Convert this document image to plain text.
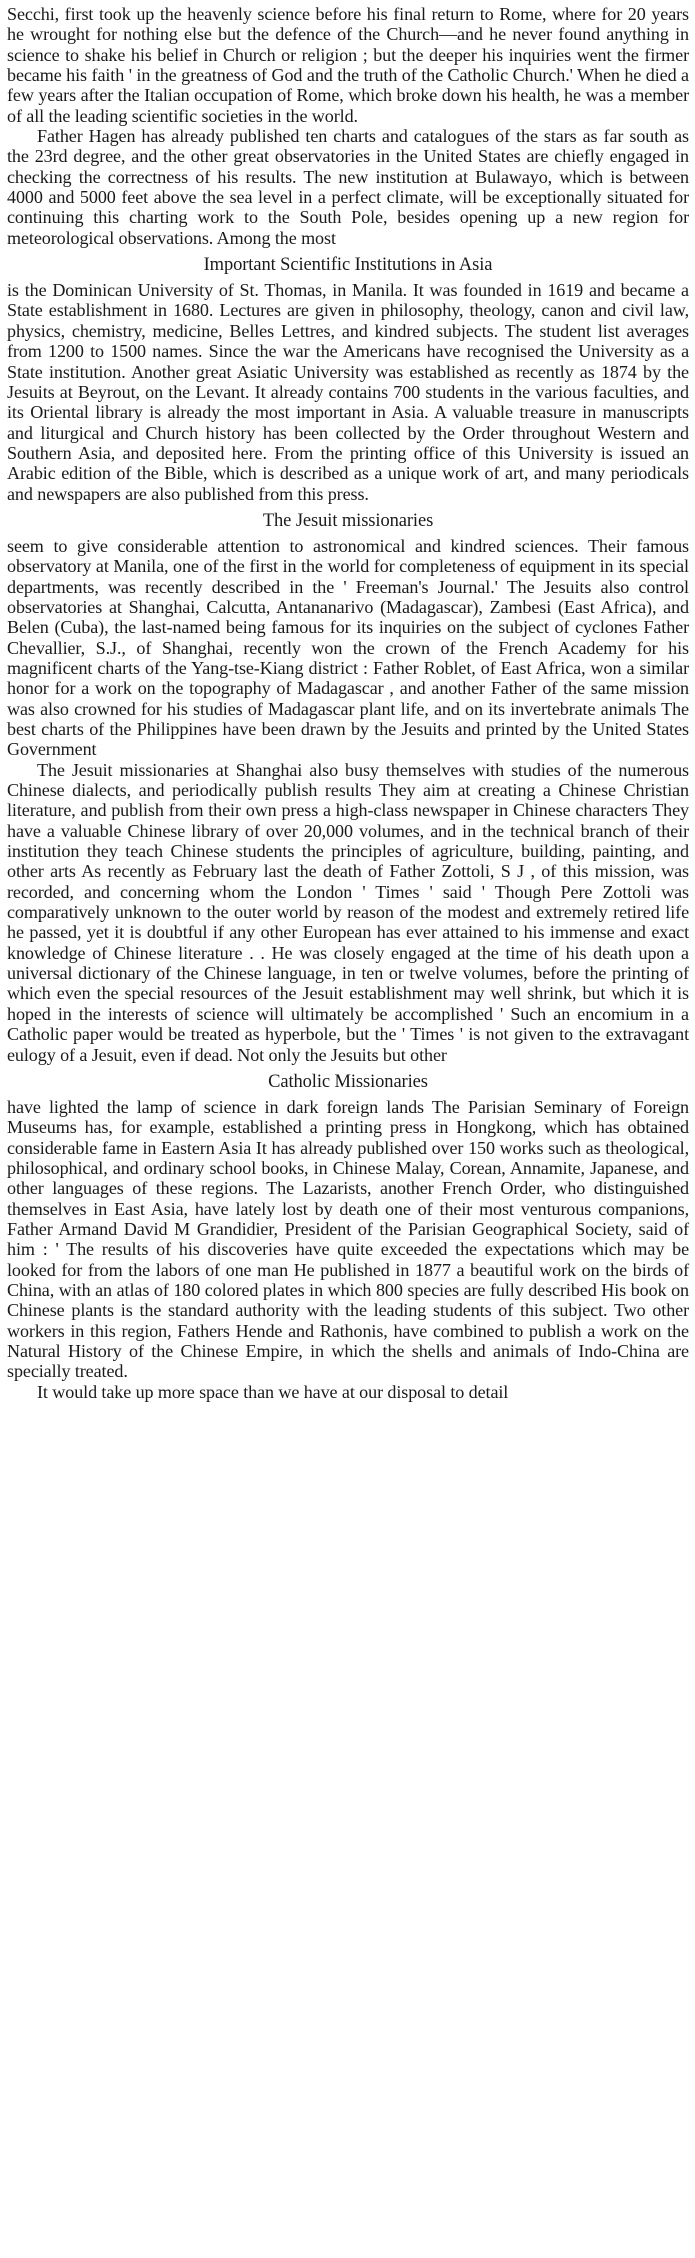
Secchi, first took up the heavenly science before his final return to Rome, where for 20 years he wrought for nothing else but the defence of the Church—and he never found anything in science to shake his belief in Church or religion ; but the deeper his inquiries went the firmer became his faith ' in the greatness of God and the truth of the Catholic Church.' When he died a few years after the Italian occupation of Rome, which broke down his health, he was a member of all the leading scientific societies in the world.

Father Hagen has already published ten charts and catalogues of the stars as far south as the 23rd degree, and the other great observatories in the United States are chiefly engaged in checking the correctness of his results. The new institution at Bulawayo, which is between 4000 and 5000 feet above the sea level in a perfect climate, will be exceptionally situated for continuing this charting work to the South Pole, besides opening up a new region for meteorological observations. Among the most

Important Scientific Institutions in Asia

is the Dominican University of St. Thomas, in Manila. It was founded in 1619 and became a State establishment in 1680. Lectures are given in philosophy, theology, canon and civil law, physics, chemistry, medicine, Belles Lettres, and kindred subjects. The student list averages from 1200 to 1500 names. Since the war the Americans have recognised the University as a State institution. Another great Asiatic University was established as recently as 1874 by the Jesuits at Beyrout, on the Levant. It already contains 700 students in the various faculties, and its Oriental library is already the most important in Asia. A valuable treasure in manuscripts and liturgical and Church history has been collected by the Order throughout Western and Southern Asia, and deposited here. From the printing office of this University is issued an Arabic edition of the Bible, which is described as a unique work of art, and many periodicals and newspapers are also published from this press.

The Jesuit missionaries

seem to give considerable attention to astronomical and kindred sciences. Their famous observatory at Manila, one of the first in the world for completeness of equipment in its special departments, was recently described in the ' Freeman's Journal.' The Jesuits also control observatories at Shanghai, Calcutta, Antananarivo (Madagascar), Zambesi (East Africa), and Belen (Cuba), the last-named being famous for its inquiries on the subject of cyclones Father Chevallier, S.J., of Shanghai, recently won the crown of the French Academy for his magnificent charts of the Yang-tse-Kiang district : Father Roblet, of East Africa, won a similar honor for a work on the topography of Madagascar , and another Father of the same mission was also crowned for his studies of Madagascar plant life, and on its invertebrate animals The best charts of the Philippines have been drawn by the Jesuits and printed by the United States Government

The Jesuit missionaries at Shanghai also busy themselves with studies of the numerous Chinese dialects, and periodically publish results They aim at creating a Chinese Christian literature, and publish from their own press a high-class newspaper in Chinese characters They have a valuable Chinese library of over 20,000 volumes, and in the technical branch of their institution they teach Chinese students the principles of agriculture, building, painting, and other arts As recently as February last the death of Father Zottoli, S J , of this mission, was recorded, and concerning whom the London ' Times ' said ' Though Pere Zottoli was comparatively unknown to the outer world by reason of the modest and extremely retired life he passed, yet it is doubtful if any other European has ever attained to his immense and exact knowledge of Chinese literature . . He was closely engaged at the time of his death upon a universal dictionary of the Chinese language, in ten or twelve volumes, before the printing of which even the special resources of the Jesuit establishment may well shrink, but which it is hoped in the interests of science will ultimately be accomplished ' Such an encomium in a Catholic paper would be treated as hyperbole, but the ' Times ' is not given to the extravagant eulogy of a Jesuit, even if dead. Not only the Jesuits but other

Catholic Missionaries

have lighted the lamp of science in dark foreign lands The Parisian Seminary of Foreign Museums has, for example, established a printing press in Hongkong, which has obtained considerable fame in Eastern Asia It has already published over 150 works such as theological, philosophical, and ordinary school books, in Chinese Malay, Corean, Annamite, Japanese, and other languages of these regions. The Lazarists, another French Order, who distinguished themselves in East Asia, have lately lost by death one of their most venturous companions, Father Armand David M Grandidier, President of the Parisian Geographical Society, said of him : ' The results of his discoveries have quite exceeded the expectations which may be looked for from the labors of one man He published in 1877 a beautiful work on the birds of China, with an atlas of 180 colored plates in which 800 species are fully described His book on Chinese plants is the standard authority with the leading students of this subject. Two other workers in this region, Fathers Hende and Rathonis, have combined to publish a work on the Natural History of the Chinese Empire, in which the shells and animals of Indo-China are specially treated.

It would take up more space than we have at our disposal to detail
